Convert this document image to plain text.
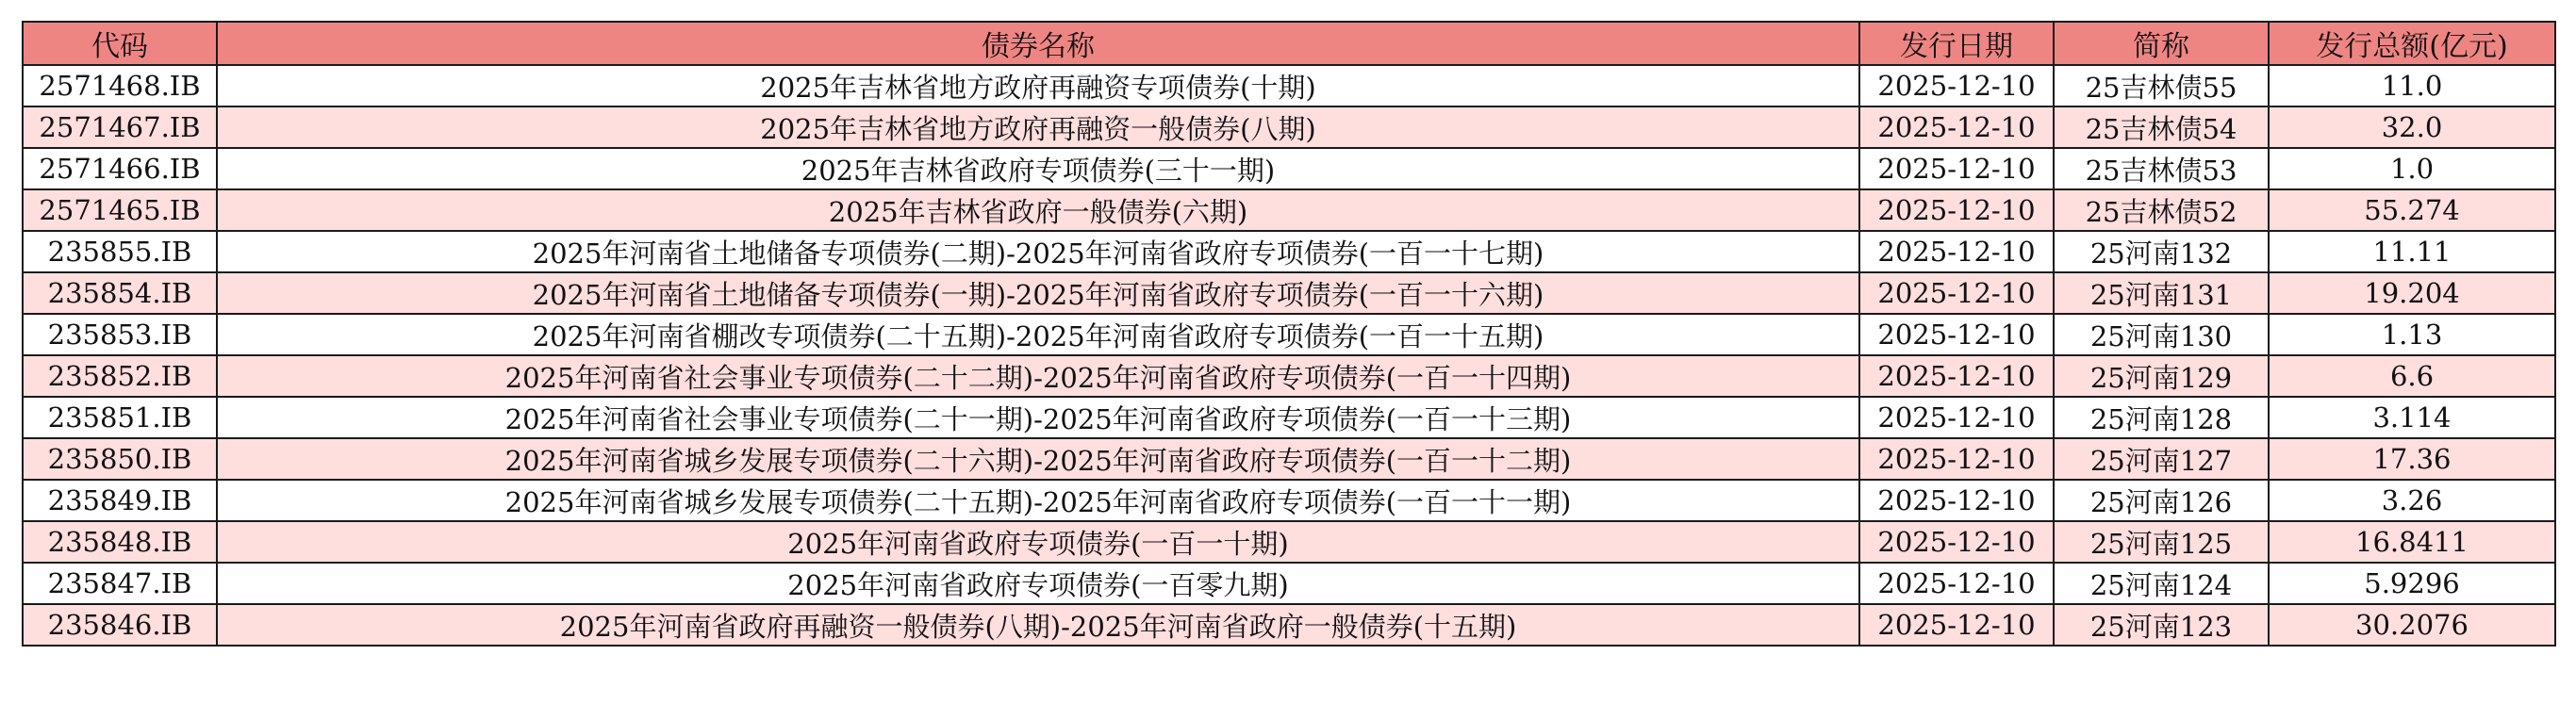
代码	债券名称	发行日期	简称	发行总额(亿元)
2571468.IB	2025年吉林省地方政府再融资专项债券(十期)	2025-12-10	25吉林债55	11.0
2571467.IB	2025年吉林省地方政府再融资一般债券(八期)	2025-12-10	25吉林债54	32.0
2571466.IB	2025年吉林省政府专项债券(三十一期)	2025-12-10	25吉林债53	1.0
2571465.IB	2025年吉林省政府一般债券(六期)	2025-12-10	25吉林债52	55.274
235855.IB	2025年河南省土地储备专项债券(二期)-2025年河南省政府专项债券(一百一十七期)	2025-12-10	25河南132	11.11
235854.IB	2025年河南省土地储备专项债券(一期)-2025年河南省政府专项债券(一百一十六期)	2025-12-10	25河南131	19.204
235853.IB	2025年河南省棚改专项债券(二十五期)-2025年河南省政府专项债券(一百一十五期)	2025-12-10	25河南130	1.13
235852.IB	2025年河南省社会事业专项债券(二十二期)-2025年河南省政府专项债券(一百一十四期)	2025-12-10	25河南129	6.6
235851.IB	2025年河南省社会事业专项债券(二十一期)-2025年河南省政府专项债券(一百一十三期)	2025-12-10	25河南128	3.114
235850.IB	2025年河南省城乡发展专项债券(二十六期)-2025年河南省政府专项债券(一百一十二期)	2025-12-10	25河南127	17.36
235849.IB	2025年河南省城乡发展专项债券(二十五期)-2025年河南省政府专项债券(一百一十一期)	2025-12-10	25河南126	3.26
235848.IB	2025年河南省政府专项债券(一百一十期)	2025-12-10	25河南125	16.8411
235847.IB	2025年河南省政府专项债券(一百零九期)	2025-12-10	25河南124	5.9296
235846.IB	2025年河南省政府再融资一般债券(八期)-2025年河南省政府一般债券(十五期)	2025-12-10	25河南123	30.2076
